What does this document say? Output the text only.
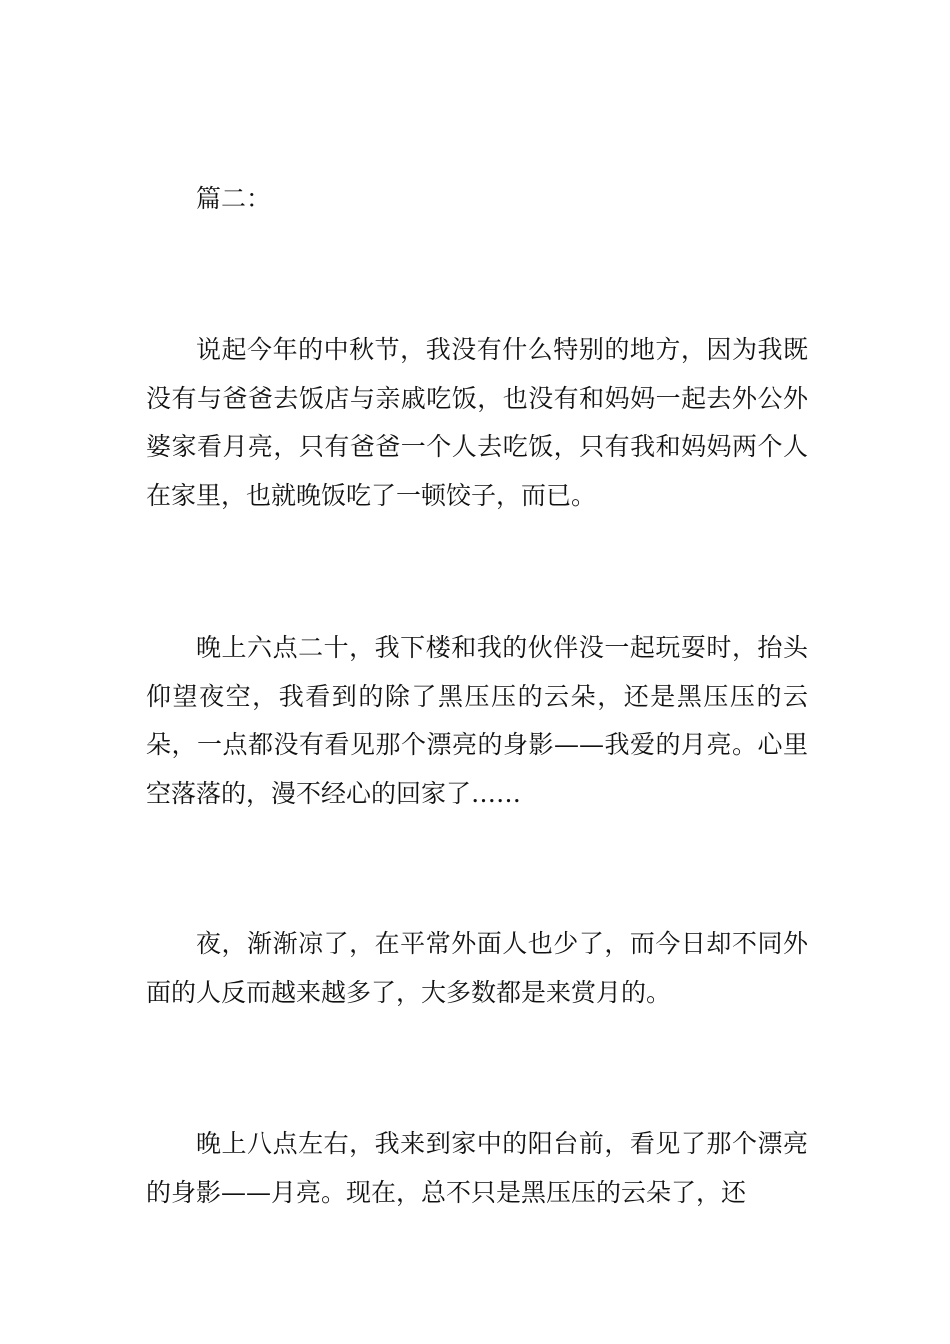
篇二：

说起今年的中秋节，我没有什么特别的地方，因为我既没有与爸爸去饭店与亲戚吃饭，也没有和妈妈一起去外公外婆家看月亮，只有爸爸一个人去吃饭，只有我和妈妈两个人在家里，也就晚饭吃了一顿饺子，而已。

晚上六点二十，我下楼和我的伙伴没一起玩耍时，抬头仰望夜空，我看到的除了黑压压的云朵，还是黑压压的云朵，一点都没有看见那个漂亮的身影——我爱的月亮。心里空落落的，漫不经心的回家了……

夜，渐渐凉了，在平常外面人也少了，而今日却不同外面的人反而越来越多了，大多数都是来赏月的。

晚上八点左右，我来到家中的阳台前，看见了那个漂亮的身影——月亮。现在，总不只是黑压压的云朵了，还
